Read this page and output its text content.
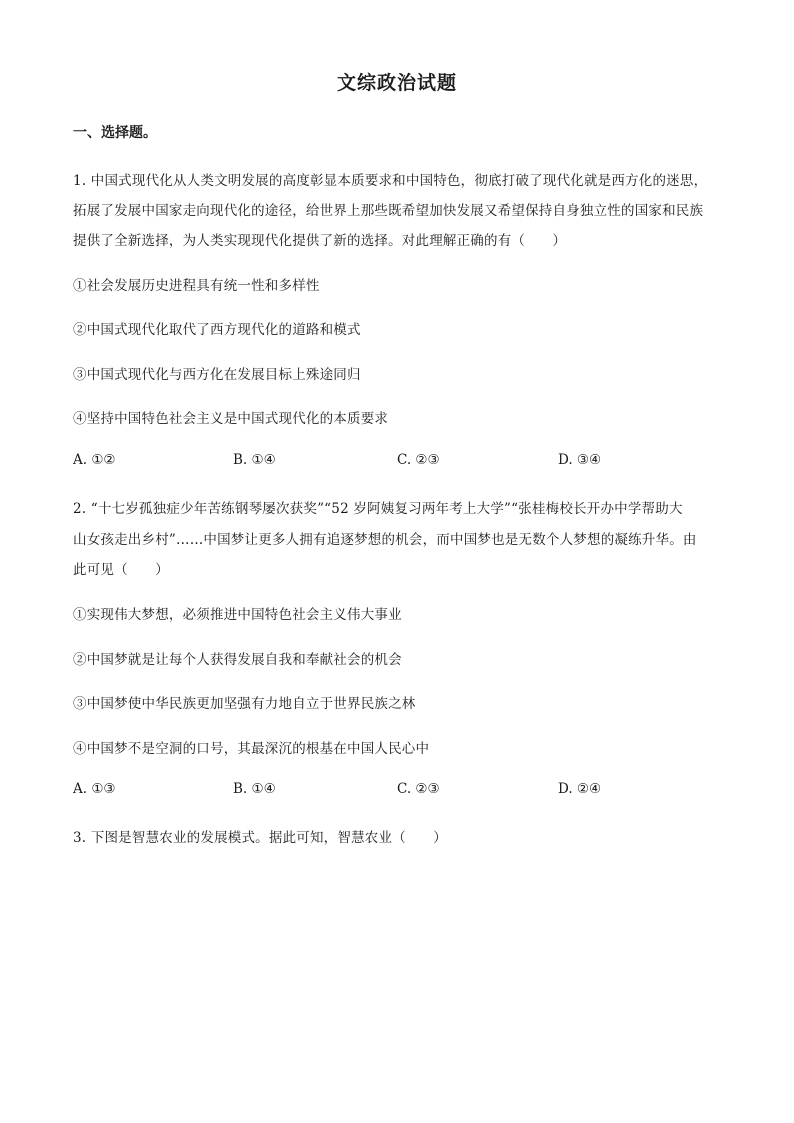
文综政治试题
一、选择题。
1. 中国式现代化从人类文明发展的高度彰显本质要求和中国特色，彻底打破了现代化就是西方化的迷思，
拓展了发展中国家走向现代化的途径，给世界上那些既希望加快发展又希望保持自身独立性的国家和民族
提供了全新选择，为人类实现现代化提供了新的选择。对此理解正确的有（　　）
①社会发展历史进程具有统一性和多样性
②中国式现代化取代了西方现代化的道路和模式
③中国式现代化与西方化在发展目标上殊途同归
④坚持中国特色社会主义是中国式现代化的本质要求
A. ①②	B. ①④	C. ②③	D. ③④
2. “十七岁孤独症少年苦练钢琴屡次获奖”“52 岁阿姨复习两年考上大学”“张桂梅校长开办中学帮助大
山女孩走出乡村”……中国梦让更多人拥有追逐梦想的机会，而中国梦也是无数个人梦想的凝练升华。由
此可见（　　）
①实现伟大梦想，必须推进中国特色社会主义伟大事业
②中国梦就是让每个人获得发展自我和奉献社会的机会
③中国梦使中华民族更加坚强有力地自立于世界民族之林
④中国梦不是空洞的口号，其最深沉的根基在中国人民心中
A. ①③	B. ①④	C. ②③	D. ②④
3. 下图是智慧农业的发展模式。据此可知，智慧农业（　　）
